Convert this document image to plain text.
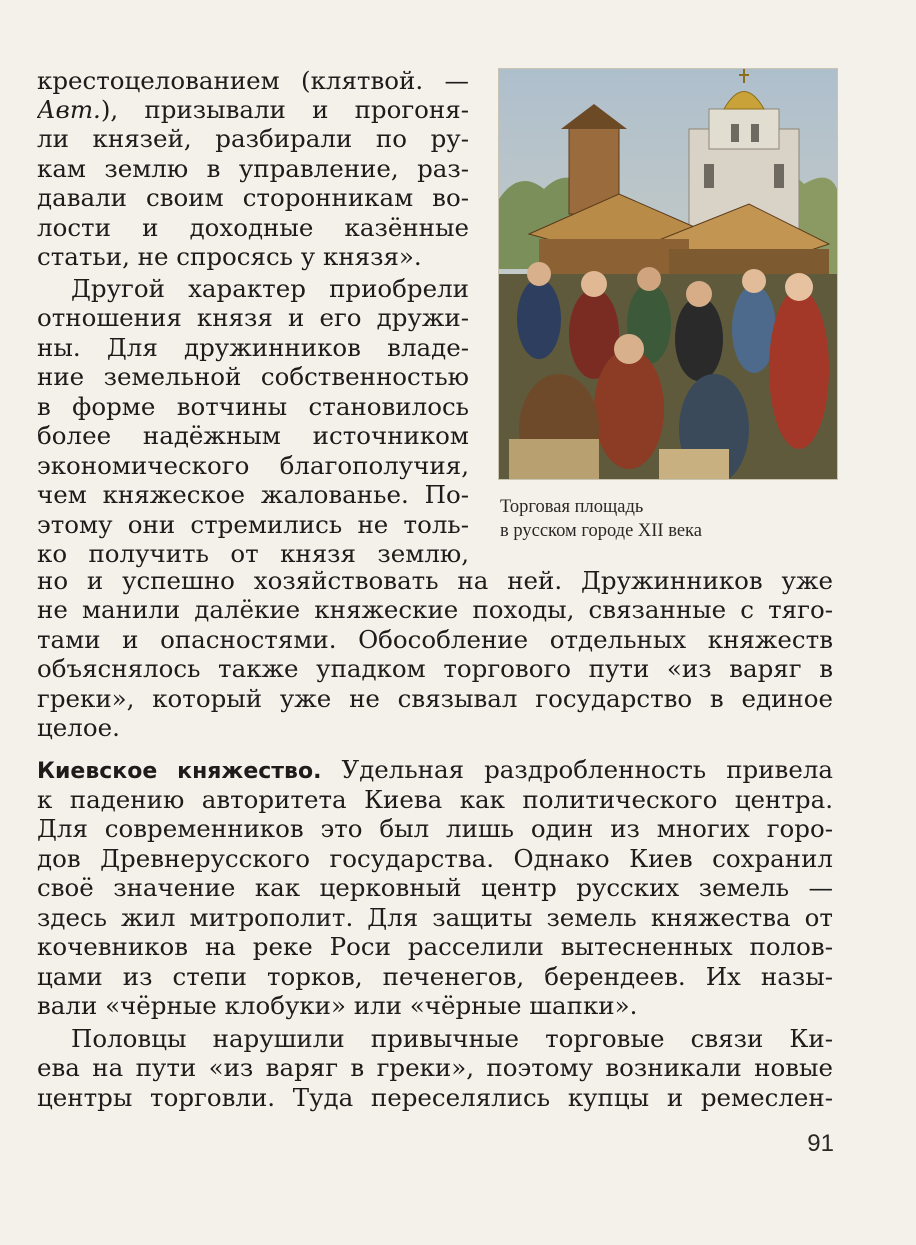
крестоцелованием (клятвой. —
Авт.), призывали и прогоня-
ли князей, разбирали по ру-
кам землю в управление, раз-
давали своим сторонникам во-
лости и доходные казённые
статьи, не спросясь у князя».
Другой характер приобрели
отношения князя и его дружи-
ны. Для дружинников владе-
ние земельной собственностью
в форме вотчины становилось
более надёжным источником
экономического благополучия,
чем княжеское жалованье. По-
этому они стремились не толь-
ко получить от князя землю,
но и успешно хозяйствовать на ней. Дружинников уже
не манили далёкие княжеские походы, связанные с тяго-
тами и опасностями. Обособление отдельных княжеств
объяснялось также упадком торгового пути «из варяг в
греки», который уже не связывал государство в единое
целое.
Киевское княжество. Удельная раздробленность привела
к падению авторитета Киева как политического центра.
Для современников это был лишь один из многих горо-
дов Древнерусского государства. Однако Киев сохранил
своё значение как церковный центр русских земель —
здесь жил митрополит. Для защиты земель княжества от
кочевников на реке Роси расселили вытесненных полов-
цами из степи торков, печенегов, берендеев. Их назы-
вали «чёрные клобуки» или «чёрные шапки».
Половцы нарушили привычные торговые связи Ки-
ева на пути «из варяг в греки», поэтому возникали новые
центры торговли. Туда переселялись купцы и ремеслен-
Торговая площадь
в русском городе XII века
91
